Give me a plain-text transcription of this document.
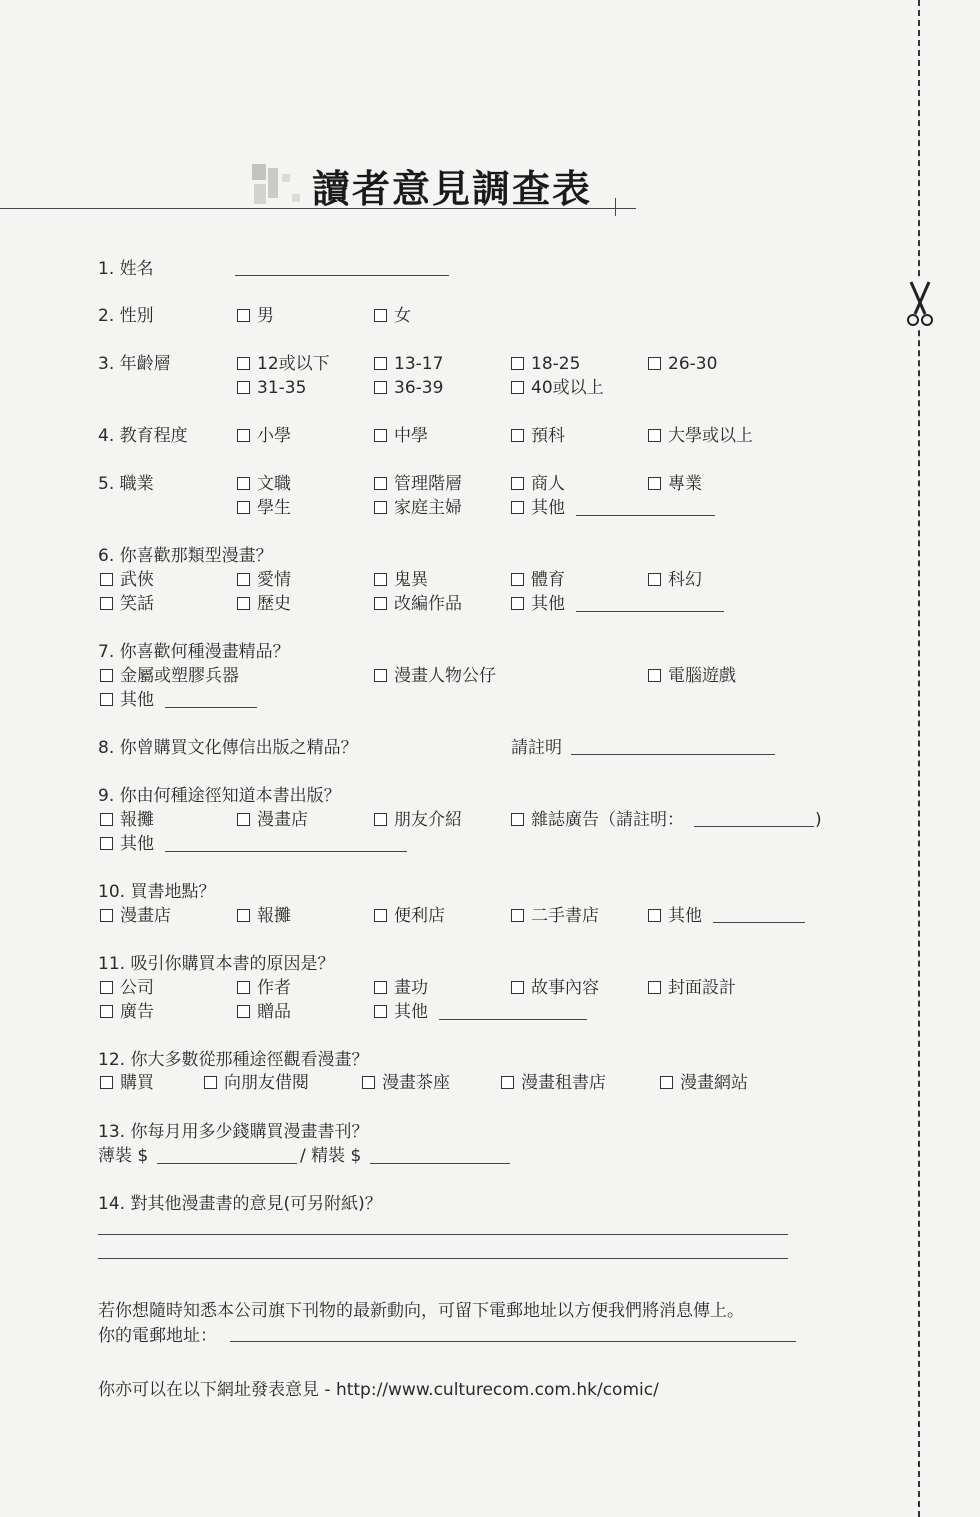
讀者意見調查表
1. 姓名
2. 性別	男	女
3. 年齡層	12或以下	13-17	18-25	26-30
31-35	36-39	40或以上
4. 教育程度	小學	中學	預科	大學或以上
5. 職業	文職	管理階層	商人	專業
學生	家庭主婦	其他
6. 你喜歡那類型漫畫？
武俠	愛情	鬼異	體育	科幻
笑話	歷史	改編作品	其他
7. 你喜歡何種漫畫精品？
金屬或塑膠兵器	漫畫人物公仔	電腦遊戲
其他
8. 你曾購買文化傳信出版之精品？	請註明
9. 你由何種途徑知道本書出版？
報攤	漫畫店	朋友介紹	雜誌廣告（請註明：	)
其他
10. 買書地點？
漫畫店	報攤	便利店	二手書店	其他
11. 吸引你購買本書的原因是？
公司	作者	畫功	故事內容	封面設計
廣告	贈品	其他
12. 你大多數從那種途徑觀看漫畫？
購買	向朋友借閱	漫畫茶座	漫畫租書店	漫畫網站
13. 你每月用多少錢購買漫畫書刊？
薄裝 $	/ 精裝 $
14. 對其他漫畫書的意見(可另附紙)？
若你想隨時知悉本公司旗下刊物的最新動向，可留下電郵地址以方便我們將消息傳上。
你的電郵地址：
你亦可以在以下網址發表意見 - http://www.culturecom.com.hk/comic/
